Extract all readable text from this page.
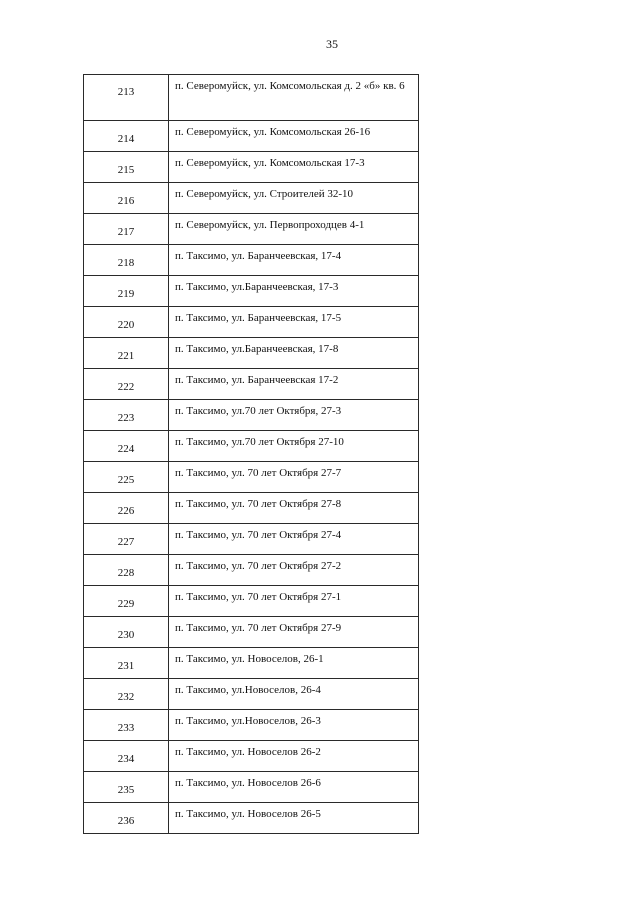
35
213	п. Северомуйск, ул. Комсомольская д. 2 «б» кв. 6
214	п. Северомуйск, ул. Комсомольская 26-16
215	п. Северомуйск, ул. Комсомольская 17-3
216	п. Северомуйск, ул. Строителей 32-10
217	п. Северомуйск, ул. Первопроходцев 4-1
218	п. Таксимо, ул. Баранчеевская, 17-4
219	п. Таксимо, ул.Баранчеевская, 17-3
220	п. Таксимо, ул. Баранчеевская, 17-5
221	п. Таксимо, ул.Баранчеевская, 17-8
222	п. Таксимо, ул. Баранчеевская 17-2
223	п. Таксимо, ул.70 лет Октября, 27-3
224	п. Таксимо, ул.70 лет Октября 27-10
225	п. Таксимо, ул. 70 лет Октября 27-7
226	п. Таксимо, ул. 70 лет Октября 27-8
227	п. Таксимо, ул. 70 лет Октября 27-4
228	п. Таксимо, ул. 70 лет Октября 27-2
229	п. Таксимо, ул. 70 лет Октября 27-1
230	п. Таксимо, ул. 70 лет Октября 27-9
231	п. Таксимо, ул. Новоселов, 26-1
232	п. Таксимо, ул.Новоселов, 26-4
233	п. Таксимо, ул.Новоселов, 26-3
234	п. Таксимо, ул. Новоселов 26-2
235	п. Таксимо, ул. Новоселов 26-6
236	п. Таксимо, ул. Новоселов 26-5
